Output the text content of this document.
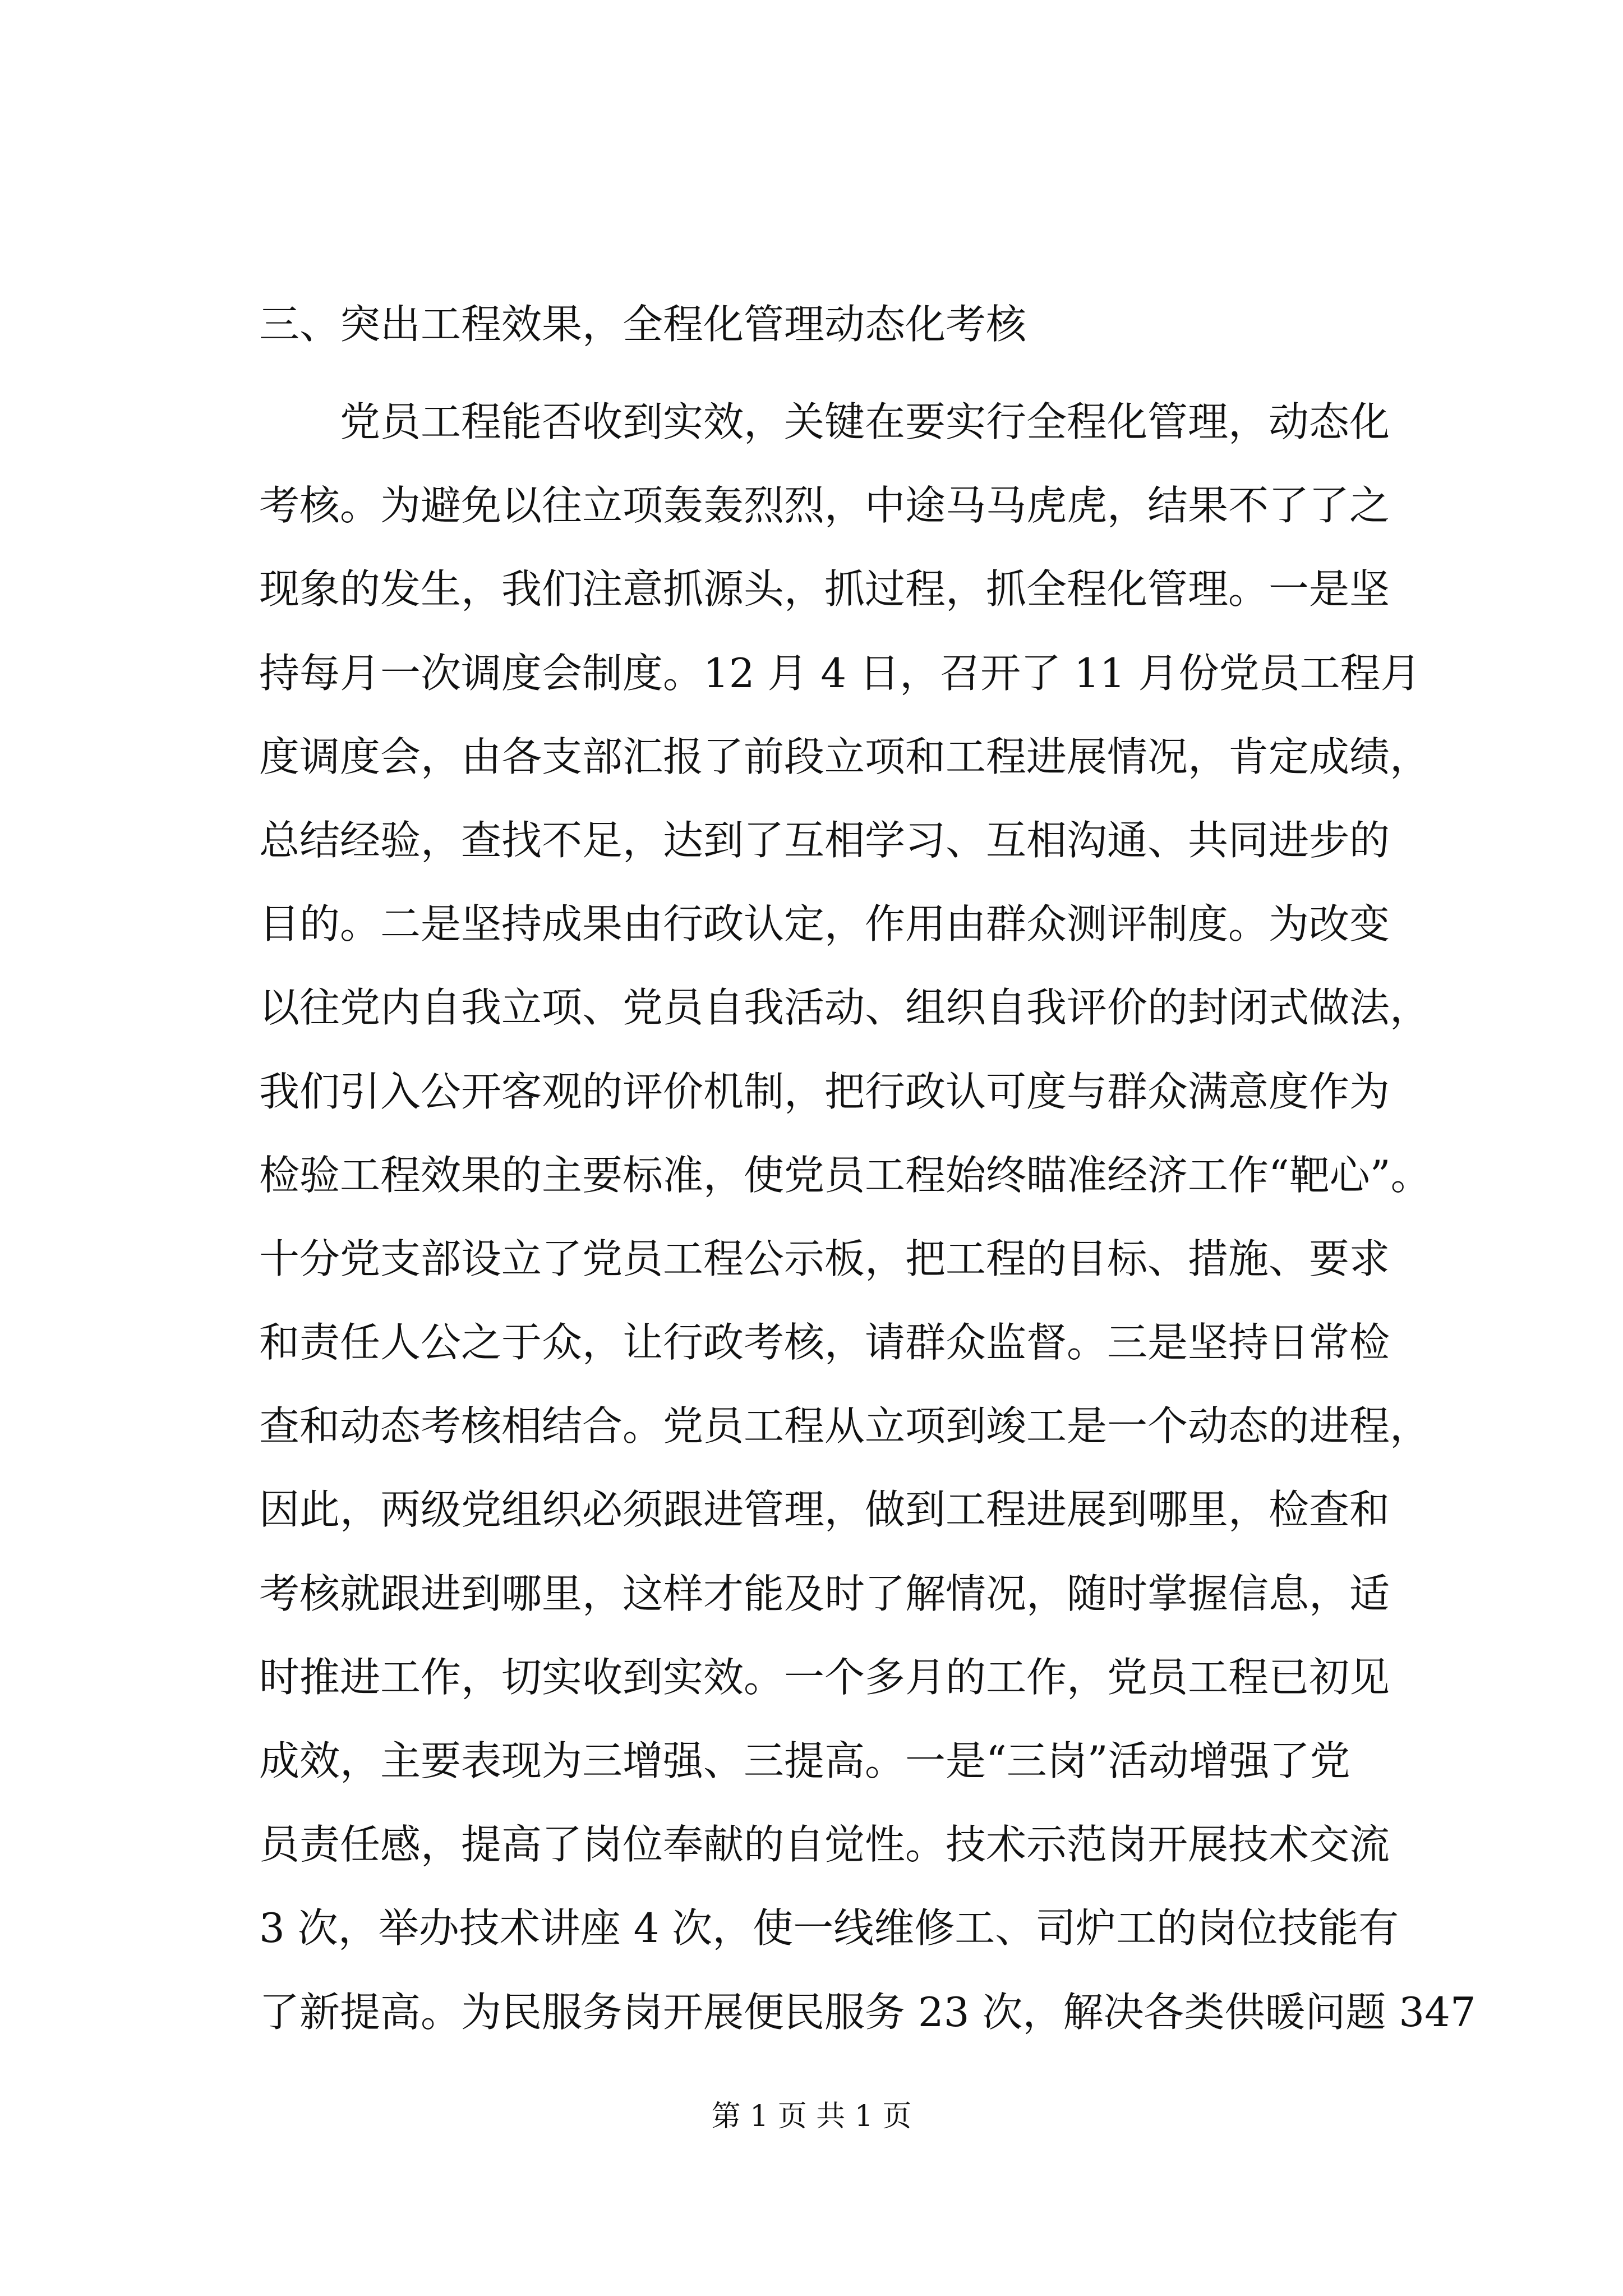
三、突出工程效果，全程化管理动态化考核
党员工程能否收到实效，关键在要实行全程化管理，动态化
考核。为避免以往立项轰轰烈烈，中途马马虎虎，结果不了了之
现象的发生，我们注意抓源头，抓过程，抓全程化管理。一是坚
持每月一次调度会制度。12 月 4 日，召开了 11 月份党员工程月
度调度会，由各支部汇报了前段立项和工程进展情况，肯定成绩，
总结经验，查找不足，达到了互相学习、互相沟通、共同进步的
目的。二是坚持成果由行政认定，作用由群众测评制度。为改变
以往党内自我立项、党员自我活动、组织自我评价的封闭式做法，
我们引入公开客观的评价机制，把行政认可度与群众满意度作为
检验工程效果的主要标准，使党员工程始终瞄准经济工作“靶心”。
十分党支部设立了党员工程公示板，把工程的目标、措施、要求
和责任人公之于众，让行政考核，请群众监督。三是坚持日常检
查和动态考核相结合。党员工程从立项到竣工是一个动态的进程，
因此，两级党组织必须跟进管理，做到工程进展到哪里，检查和
考核就跟进到哪里，这样才能及时了解情况，随时掌握信息，适
时推进工作，切实收到实效。一个多月的工作，党员工程已初见
成效，主要表现为三增强、三提高。一是“三岗”活动增强了党
员责任感，提高了岗位奉献的自觉性。技术示范岗开展技术交流
3 次，举办技术讲座 4 次，使一线维修工、司炉工的岗位技能有
了新提高。为民服务岗开展便民服务 23 次，解决各类供暖问题 347
第 1 页 共 1 页
